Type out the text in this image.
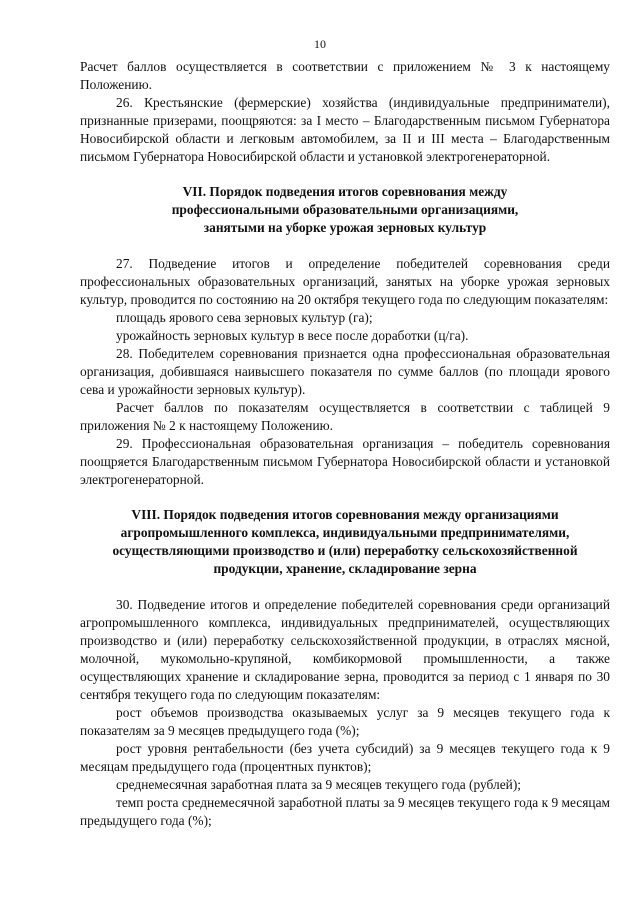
10

Расчет баллов осуществляется в соответствии с приложением № 3 к настоящему Положению.

26. Крестьянские (фермерские) хозяйства (индивидуальные предприниматели), признанные призерами, поощряются: за I место – Благодарственным письмом Губернатора Новосибирской области и легковым автомобилем, за II и III места – Благодарственным письмом Губернатора Новосибирской области и установкой электрогенераторной.

VII. Порядок подведения итогов соревнования между
профессиональными образовательными организациями,
занятыми на уборке урожая зерновых культур

27. Подведение итогов и определение победителей соревнования среди профессиональных образовательных организаций, занятых на уборке урожая зерновых культур, проводится по состоянию на 20 октября текущего года по следующим показателям:

площадь ярового сева зерновых культур (га);

урожайность зерновых культур в весе после доработки (ц/га).

28. Победителем соревнования признается одна профессиональная образовательная организация, добившаяся наивысшего показателя по сумме баллов (по площади ярового сева и урожайности зерновых культур).

Расчет баллов по показателям осуществляется в соответствии с таблицей 9 приложения № 2 к настоящему Положению.

29. Профессиональная образовательная организация – победитель соревнования поощряется Благодарственным письмом Губернатора Новосибирской области и установкой электрогенераторной.

VIII. Порядок подведения итогов соревнования между организациями
агропромышленного комплекса, индивидуальными предпринимателями,
осуществляющими производство и (или) переработку сельскохозяйственной
продукции, хранение, складирование зерна

30. Подведение итогов и определение победителей соревнования среди организаций агропромышленного комплекса, индивидуальных предпринимателей, осуществляющих производство и (или) переработку сельскохозяйственной продукции, в отраслях мясной, молочной, мукомольно-крупяной, комбикормовой промышленности, а также осуществляющих хранение и складирование зерна, проводится за период с 1 января по 30 сентября текущего года по следующим показателям:

рост объемов производства оказываемых услуг за 9 месяцев текущего года к показателям за 9 месяцев предыдущего года (%);

рост уровня рентабельности (без учета субсидий) за 9 месяцев текущего года к 9 месяцам предыдущего года (процентных пунктов);

среднемесячная заработная плата за 9 месяцев текущего года (рублей);

темп роста среднемесячной заработной платы за 9 месяцев текущего года к 9 месяцам предыдущего года (%);
